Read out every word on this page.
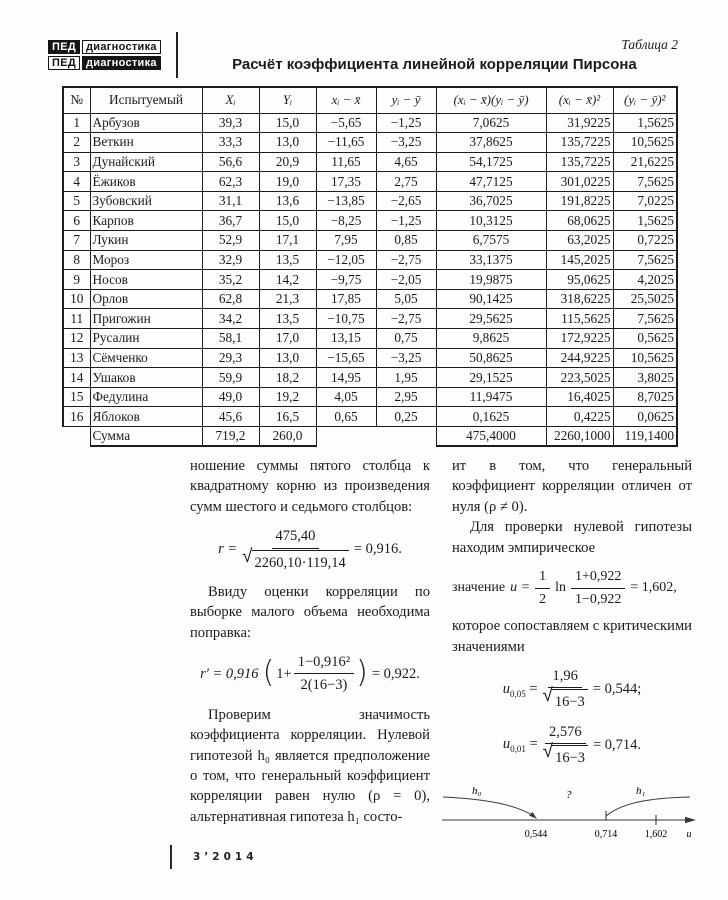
ПЕД диагностика
ПЕД диагностика
Таблица 2
Расчёт коэффициента линейной корреляции Пирсона
№	Испытуемый	Xᵢ	Yᵢ	xᵢ − x̄	yᵢ − ȳ	(xᵢ − x̄)(yᵢ − ȳ)	(xᵢ − x̄)²	(yᵢ − ȳ)²
1	Арбузов	39,3	15,0	−5,65	−1,25	7,0625	31,9225	1,5625
2	Веткин	33,3	13,0	−11,65	−3,25	37,8625	135,7225	10,5625
3	Дунайский	56,6	20,9	11,65	4,65	54,1725	135,7225	21,6225
4	Ёжиков	62,3	19,0	17,35	2,75	47,7125	301,0225	7,5625
5	Зубовский	31,1	13,6	−13,85	−2,65	36,7025	191,8225	7,0225
6	Карпов	36,7	15,0	−8,25	−1,25	10,3125	68,0625	1,5625
7	Лукин	52,9	17,1	7,95	0,85	6,7575	63,2025	0,7225
8	Мороз	32,9	13,5	−12,05	−2,75	33,1375	145,2025	7,5625
9	Носов	35,2	14,2	−9,75	−2,05	19,9875	95,0625	4,2025
10	Орлов	62,8	21,3	17,85	5,05	90,1425	318,6225	25,5025
11	Пригожин	34,2	13,5	−10,75	−2,75	29,5625	115,5625	7,5625
12	Русалин	58,1	17,0	13,15	0,75	9,8625	172,9225	0,5625
13	Сёмченко	29,3	13,0	−15,65	−3,25	50,8625	244,9225	10,5625
14	Ушаков	59,9	18,2	14,95	1,95	29,1525	223,5025	3,8025
15	Федулина	49,0	19,2	4,05	2,95	11,9475	16,4025	8,7025
16	Яблоков	45,6	16,5	0,65	0,25	0,1625	0,4225	0,0625
	Сумма	719,2	260,0			475,4000	2260,1000	119,1400

ношение суммы пятого столбца к квадратному корню из произведения сумм шестого и седьмого столбцов:

$r = \frac{475,40}{√ 2260,10\cdot 119,14} = 0,916$.

Ввиду оценки корреляции по выборке малого объема необходима поправка:

r′ = 0,916 ( $1+ \frac{\text{1−0,916²}}{2(16-3)}$ ) = 0,922.

Проверим значимость коэффициента корреляции. Нулевой гипотезой h₀ является предположение о том, что генеральный коэффициент корреляции равен нулю (ρ = 0), альтернативная гипотеза h₁ состо-

ит в том, что генеральный коэффициент корреляции отличен от нуля (ρ ≠ 0).

Для проверки нулевой гипотезы находим эмпирическое

значение $u = \frac{1}{2}$ $\ln \frac{1+0,922}{1-0,922} = 1,602$,

которое сопоставляем с критическими значениями

$u_{0,05} = \frac{1,96}{√ 16-3} = 0,544$;
$u_{0,01} = \frac{2,576}{√ 16-3} = 0,714$.
h₀	?	h₁
0,544	0,714	1,602 u
3’2014
